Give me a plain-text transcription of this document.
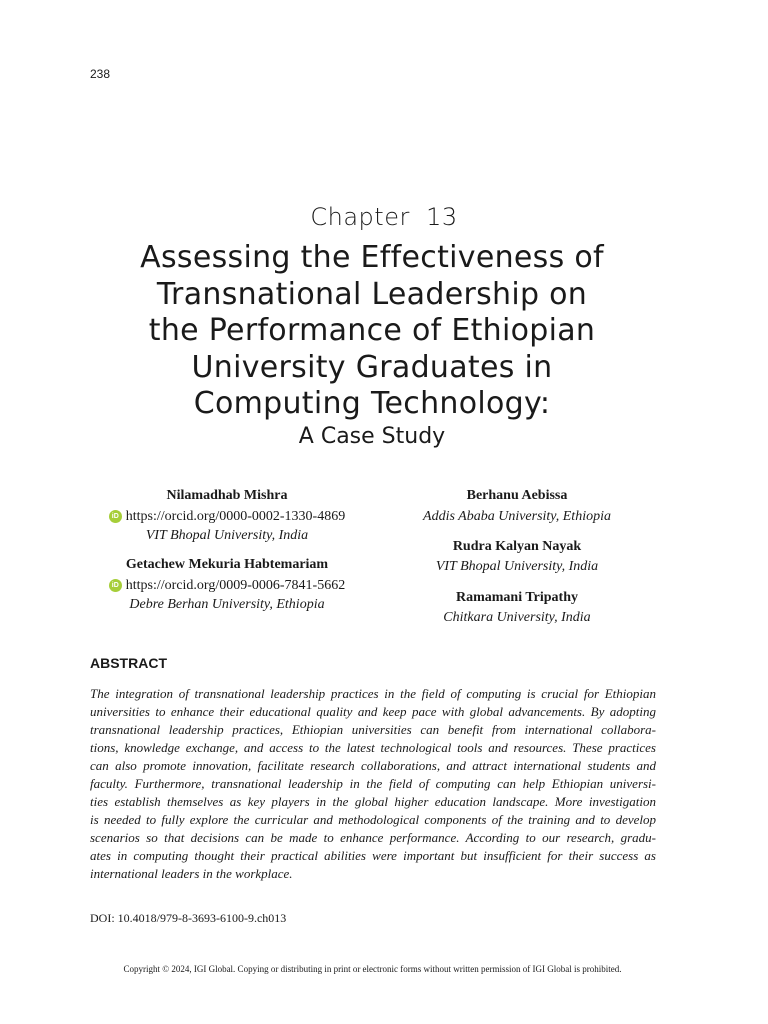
238
Chapter  13
Assessing the Effectiveness of
Transnational Leadership on
the Performance of Ethiopian
University Graduates in
Computing Technology:
A Case Study
Nilamadhab Mishra
iD https://orcid.org/0000-0002-1330-4869
VIT Bhopal University, India
Getachew Mekuria Habtemariam
iD https://orcid.org/0009-0006-7841-5662
Debre Berhan University, Ethiopia
Berhanu Aebissa
Addis Ababa University, Ethiopia
Rudra Kalyan Nayak
VIT Bhopal University, India
Ramamani Tripathy
Chitkara University, India
ABSTRACT
The integration of transnational leadership practices in the field of computing is crucial for Ethiopian
universities to enhance their educational quality and keep pace with global advancements. By adopting
transnational leadership practices, Ethiopian universities can benefit from international collabora-
tions, knowledge exchange, and access to the latest technological tools and resources. These practices
can also promote innovation, facilitate research collaborations, and attract international students and
faculty. Furthermore, transnational leadership in the field of computing can help Ethiopian universi-
ties establish themselves as key players in the global higher education landscape. More investigation
is needed to fully explore the curricular and methodological components of the training and to develop
scenarios so that decisions can be made to enhance performance. According to our research, gradu-
ates in computing thought their practical abilities were important but insufficient for their success as
international leaders in the workplace.
DOI: 10.4018/979-8-3693-6100-9.ch013
Copyright © 2024, IGI Global. Copying or distributing in print or electronic forms without written permission of IGI Global is prohibited.
